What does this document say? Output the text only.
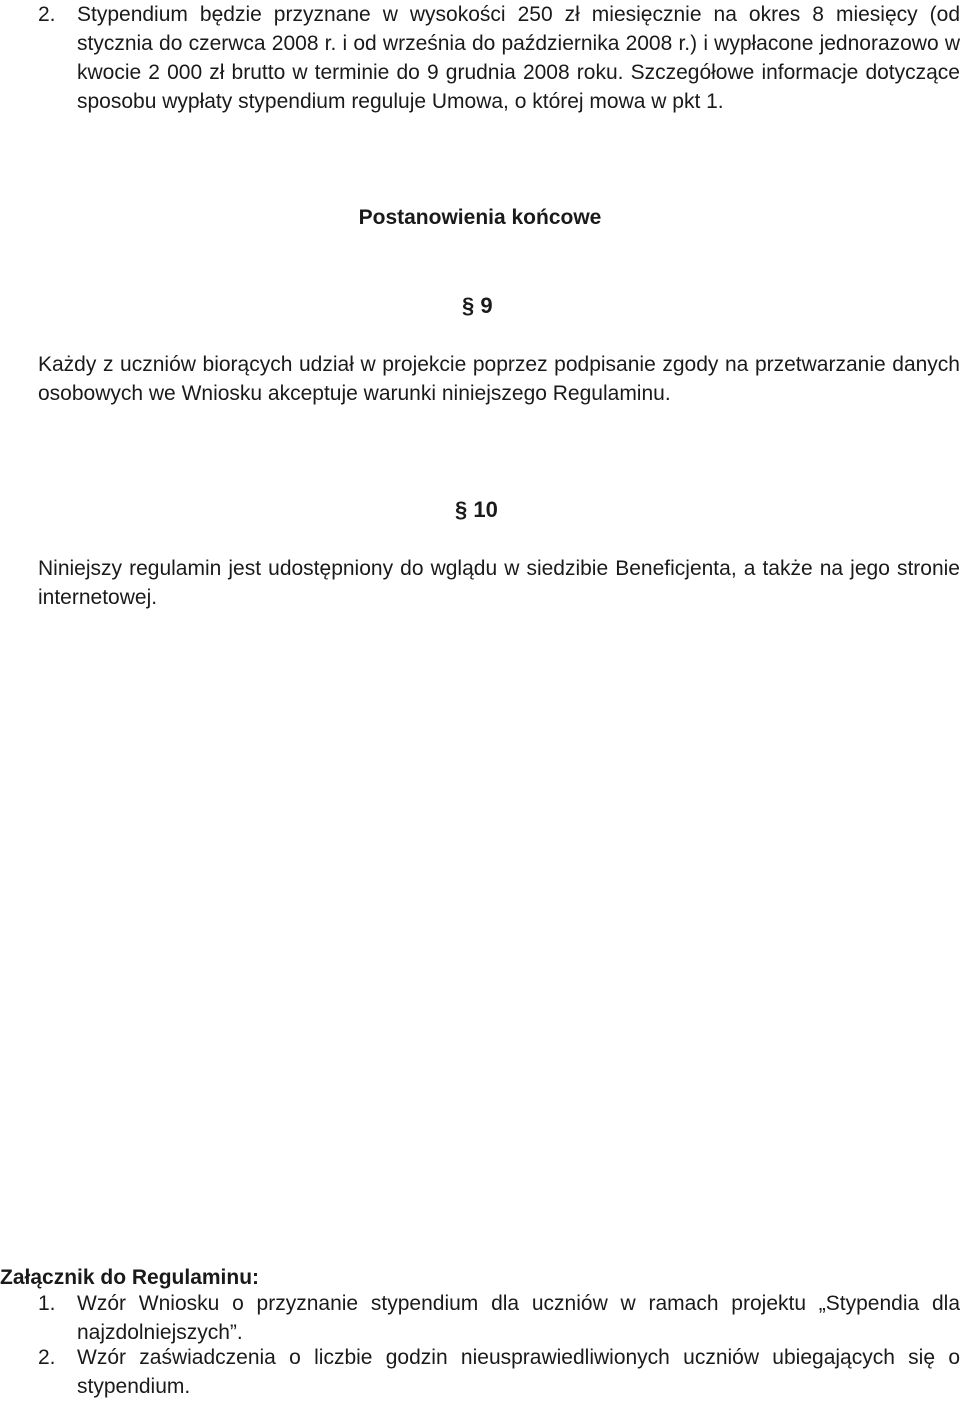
2. Stypendium będzie przyznane w wysokości 250 zł miesięcznie na okres 8 miesięcy (od stycznia do czerwca 2008 r. i od września do października 2008 r.) i wypłacone jednorazowo w kwocie 2 000 zł brutto w terminie do 9 grudnia 2008 roku. Szczegółowe informacje dotyczące sposobu wypłaty stypendium reguluje Umowa, o której mowa w pkt 1.
Postanowienia końcowe
§ 9
Każdy z uczniów biorących udział w projekcie poprzez podpisanie zgody na przetwarzanie danych osobowych we Wniosku akceptuje warunki niniejszego Regulaminu.
§ 10
Niniejszy regulamin jest udostępniony do wglądu w siedzibie Beneficjenta, a także na jego stronie internetowej.
Załącznik do Regulaminu:
1. Wzór Wniosku o przyznanie stypendium dla uczniów w ramach projektu „Stypendia dla najzdolniejszych”.
2. Wzór zaświadczenia o liczbie godzin nieusprawiedliwionych uczniów ubiegających się o stypendium.
